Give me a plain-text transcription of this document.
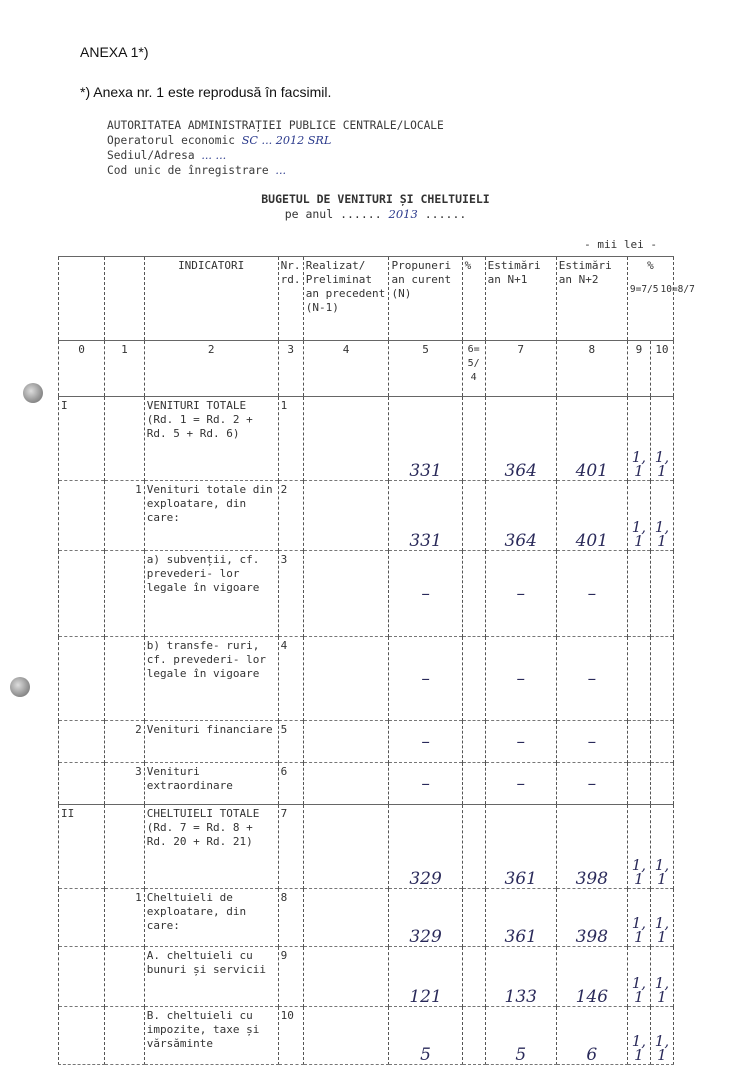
ANEXA 1*)
*) Anexa nr. 1 este reprodusă în facsimil.
AUTORITATEA ADMINISTRAȚIEI PUBLICE CENTRALE/LOCALE
Operatorul economic SC ... 2012 SRL
Sediul/Adresa ... ...
Cod unic de înregistrare ...
BUGETUL DE VENITURI ȘI CHELTUIELI
pe anul ...... 2013 ......
- mii lei -
		INDICATORI	Nr. rd.	Realizat/ Preliminat an precedent (N-1)	Propuneri an curent (N)	%	Estimări an N+1	Estimări an N+2	%
9=7/5 10=8/7	

0	1	2	3	4	5	6=5/4	7	8	9	10
I		VENITURI TOTALE (Rd. 1 = Rd. 2 + Rd. 5 + Rd. 6)	1		331		364	401	1,1	1,1
	1	Venituri totale din exploatare, din care:	2		331		364	401	1,1	1,1
		a) subvenții, cf. prevederi- lor legale în vigoare	3		–		–	–		
		b) transfe- ruri, cf. prevederi- lor legale în vigoare	4		–		–	–		
	2	Venituri financiare	5		–		–	–		
	3	Venituri extraordinare	6		–		–	–		
II		CHELTUIELI TOTALE (Rd. 7 = Rd. 8 + Rd. 20 + Rd. 21)	7		329		361	398	1,1	1,1
	1	Cheltuieli de exploatare, din care:	8		329		361	398	1,1	1,1
		A. cheltuieli cu bunuri și servicii	9		121		133	146	1,1	1,1
		B. cheltuieli cu impozite, taxe și vărsăminte	10		5		5	6	1,1	1,1
